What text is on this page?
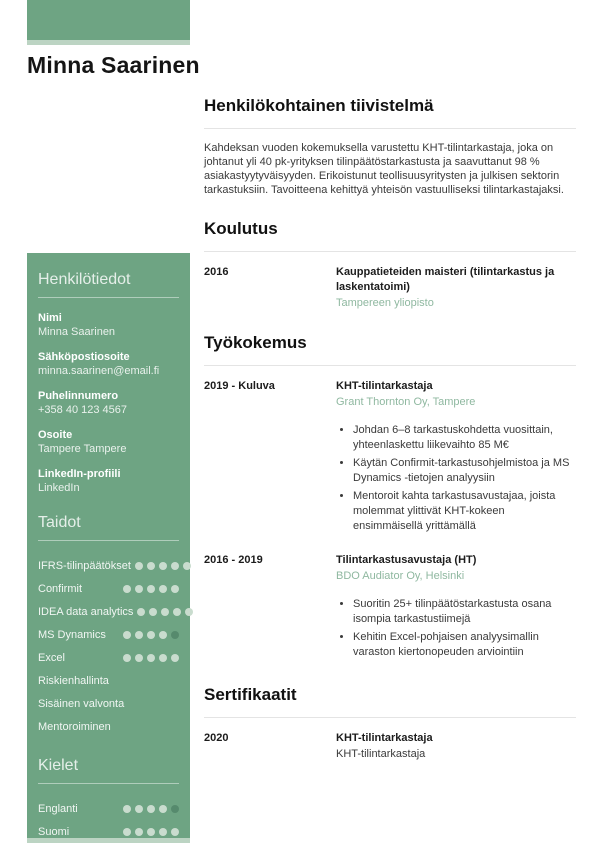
Minna Saarinen
Henkilötiedot
Nimi
Minna Saarinen
Sähköpostiosoite
minna.saarinen@email.fi
Puhelinnumero
+358 40 123 4567
Osoite
Tampere Tampere
LinkedIn-profiili
LinkedIn
Taidot
IFRS-tilinpäätökset
Confirmit
IDEA data analytics
MS Dynamics
Excel
Riskienhallinta
Sisäinen valvonta
Mentoroiminen
Kielet
Englanti
Suomi
Henkilökohtainen tiivistelmä

Kahdeksan vuoden kokemuksella varustettu KHT-tilintarkastaja, joka on johtanut yli 40 pk-yrityksen tilinpäätöstarkastusta ja saavuttanut 98 % asiakastyytyväisyyden. Erikoistunut teollisuusyritysten ja julkisen sektorin tarkastuksiin. Tavoitteena kehittyä yhteisön vastuulliseksi tilintarkastajaksi.

Koulutus
2016	Kauppatieteiden maisteri (tilintarkastus ja laskentatoimi)
Tampereen yliopisto
Työkokemus
2019 - Kuluva	KHT-tilintarkastaja
Grant Thornton Oy, Tampere
• Johdan 6–8 tarkastuskohdetta vuosittain, yhteenlaskettu liikevaihto 85 M€
• Käytän Confirmit-tarkastusohjelmistoa ja MS Dynamics -tietojen analyysiin
• Mentoroit kahta tarkastusavustajaa, joista molemmat ylittivät KHT-kokeen ensimmäisellä yrittämällä
2016 - 2019	Tilintarkastusavustaja (HT)
BDO Audiator Oy, Helsinki
• Suoritin 25+ tilinpäätöstarkastusta osana isompia tarkastustiimejä
• Kehitin Excel-pohjaisen analyysimallin varaston kiertonopeuden arviointiin
Sertifikaatit
2020	KHT-tilintarkastaja
KHT-tilintarkastaja
